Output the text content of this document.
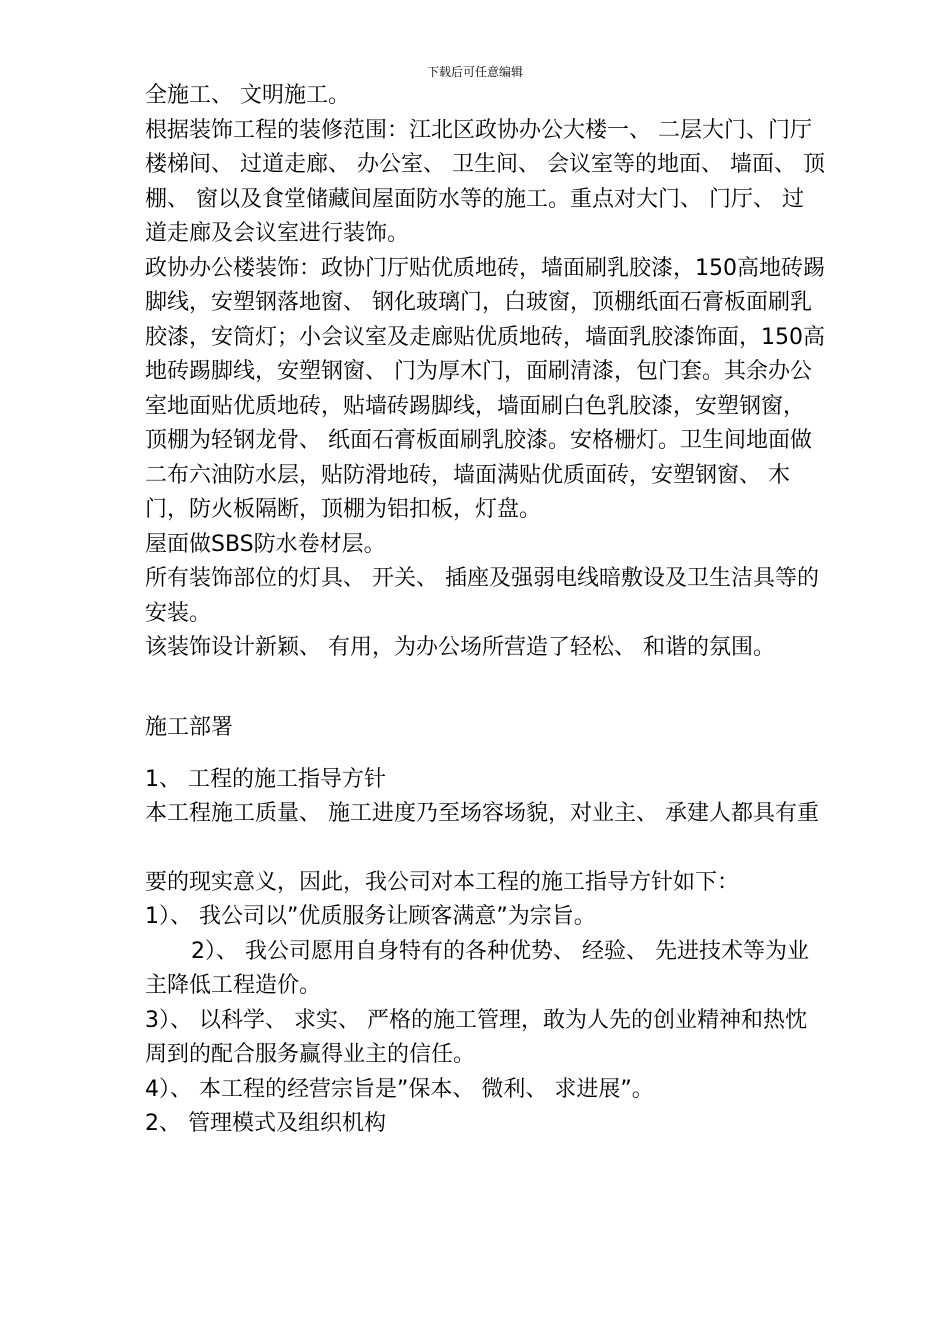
下载后可任意编辑

全施工、 文明施工。

根据装饰工程的装修范围：江北区政协办公大楼一、 二层大门、门厅楼梯间、 过道走廊、 办公室、 卫生间、 会议室等的地面、 墙面、 顶棚、 窗以及食堂储藏间屋面防水等的施工。重点对大门、 门厅、 过道走廊及会议室进行装饰。

政协办公楼装饰：政协门厅贴优质地砖，墙面刷乳胶漆，150高地砖踢脚线，安塑钢落地窗、 钢化玻璃门，白玻窗，顶棚纸面石膏板面刷乳胶漆，安筒灯；小会议室及走廊贴优质地砖，墙面乳胶漆饰面，150高地砖踢脚线，安塑钢窗、 门为厚木门，面刷清漆，包门套。其余办公室地面贴优质地砖，贴墙砖踢脚线，墙面刷白色乳胶漆，安塑钢窗，顶棚为轻钢龙骨、 纸面石膏板面刷乳胶漆。安格栅灯。卫生间地面做二布六油防水层，贴防滑地砖，墙面满贴优质面砖，安塑钢窗、 木门，防火板隔断，顶棚为铝扣板，灯盘。

屋面做SBS防水卷材层。

所有装饰部位的灯具、 开关、 插座及强弱电线暗敷设及卫生洁具等的安装。

该装饰设计新颖、 有用，为办公场所营造了轻松、 和谐的氛围。

施工部署

1、 工程的施工指导方针

本工程施工质量、 施工进度乃至场容场貌，对业主、 承建人都具有重

要的现实意义，因此，我公司对本工程的施工指导方针如下：

1）、 我公司以”优质服务让顾客满意”为宗旨。

2）、 我公司愿用自身特有的各种优势、 经验、 先进技术等为业主降低工程造价。

3）、 以科学、 求实、 严格的施工管理，敢为人先的创业精神和热忱周到的配合服务赢得业主的信任。

4）、 本工程的经营宗旨是”保本、 微利、 求进展”。

2、 管理模式及组织机构
